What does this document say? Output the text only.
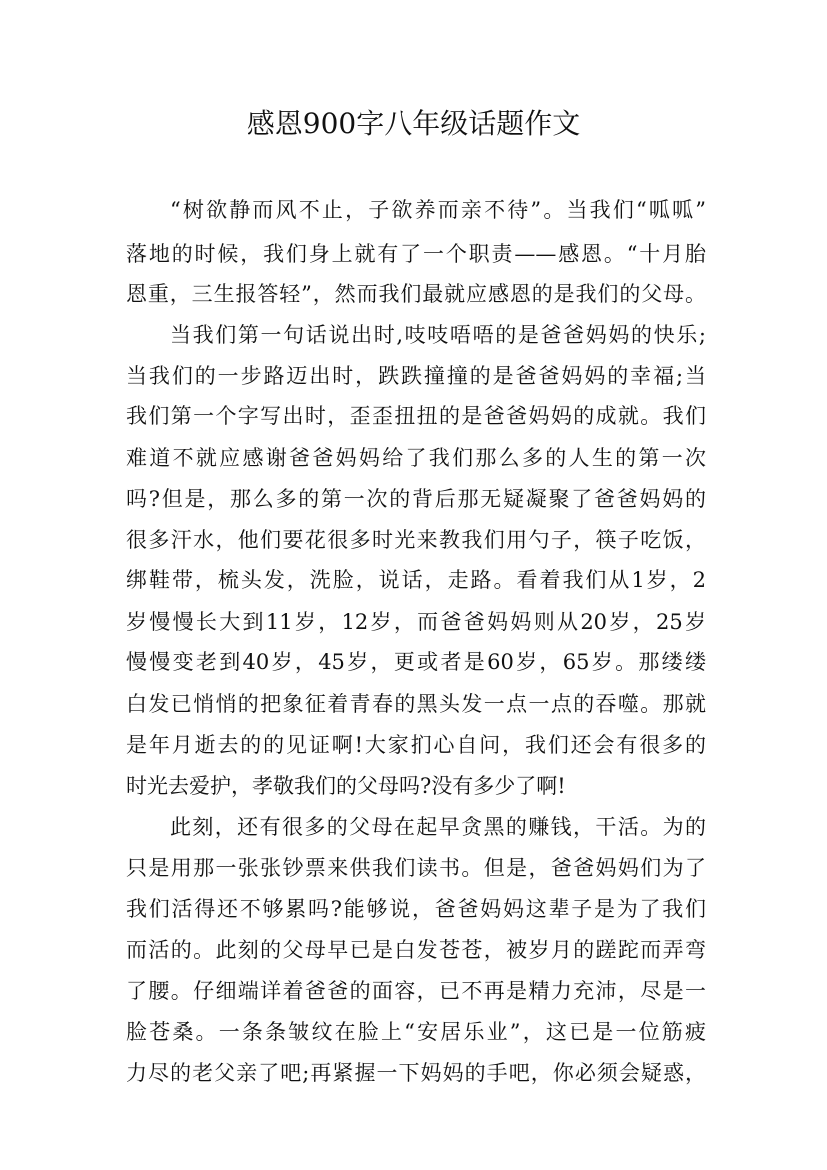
感恩900字八年级话题作文
“树欲静而风不止，子欲养而亲不待”。当我们“呱呱”
落地的时候，我们身上就有了一个职责——感恩。“十月胎
恩重，三生报答轻”，然而我们最就应感恩的是我们的父母。
当我们第一句话说出时,吱吱唔唔的是爸爸妈妈的快乐;
当我们的一步路迈出时，跌跌撞撞的是爸爸妈妈的幸福;当
我们第一个字写出时，歪歪扭扭的是爸爸妈妈的成就。我们
难道不就应感谢爸爸妈妈给了我们那么多的人生的第一次
吗?但是，那么多的第一次的背后那无疑凝聚了爸爸妈妈的
很多汗水，他们要花很多时光来教我们用勺子，筷子吃饭，
绑鞋带，梳头发，洗脸，说话，走路。看着我们从1岁，2
岁慢慢长大到11岁，12岁，而爸爸妈妈则从20岁，25岁
慢慢变老到40岁，45岁，更或者是60岁，65岁。那缕缕
白发已悄悄的把象征着青春的黑头发一点一点的吞噬。那就
是年月逝去的的见证啊!大家扪心自问，我们还会有很多的
时光去爱护，孝敬我们的父母吗?没有多少了啊!
此刻，还有很多的父母在起早贪黑的赚钱，干活。为的
只是用那一张张钞票来供我们读书。但是，爸爸妈妈们为了
我们活得还不够累吗?能够说，爸爸妈妈这辈子是为了我们
而活的。此刻的父母早已是白发苍苍，被岁月的蹉跎而弄弯
了腰。仔细端详着爸爸的面容，已不再是精力充沛，尽是一
脸苍桑。一条条皱纹在脸上“安居乐业”，这已是一位筋疲
力尽的老父亲了吧;再紧握一下妈妈的手吧，你必须会疑惑，
